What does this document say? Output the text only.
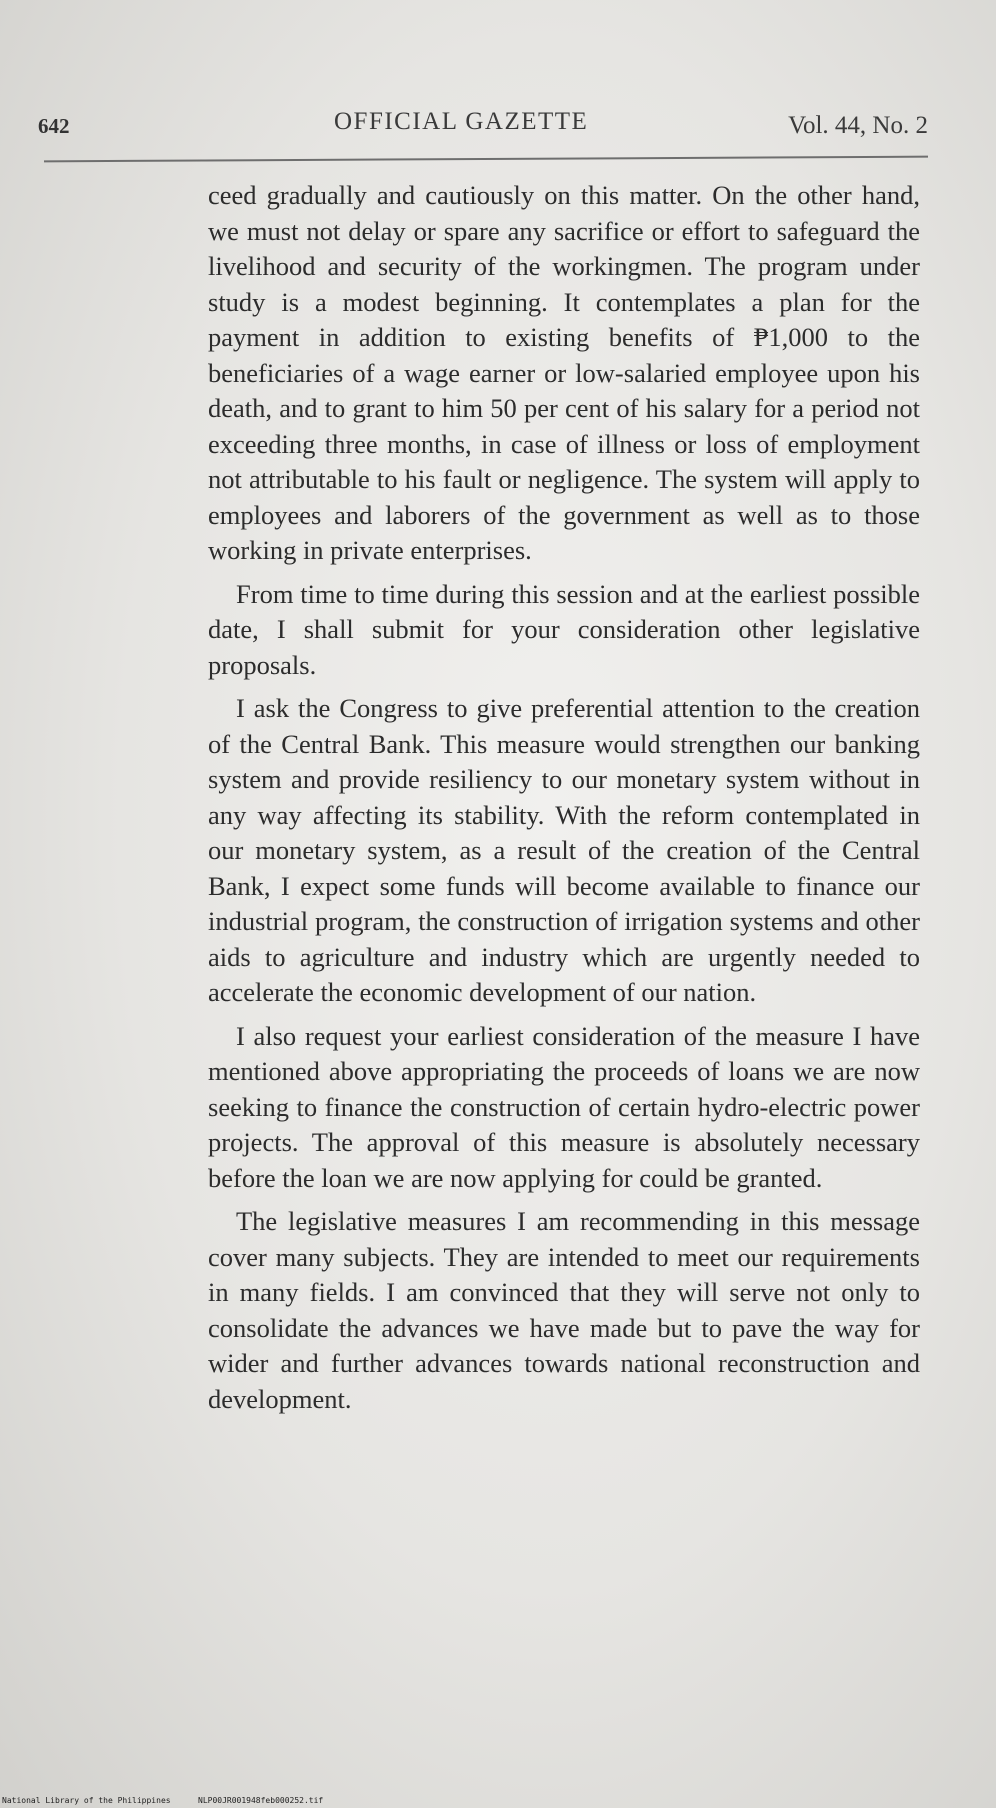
642	OFFICIAL GAZETTE	Vol. 44, No. 2

ceed gradually and cautiously on this matter. On the other hand, we must not delay or spare any sacrifice or effort to safeguard the livelihood and security of the workingmen. The program under study is a modest beginning. It contemplates a plan for the payment in addition to existing benefits of ₱1,000 to the beneficiaries of a wage earner or low-salaried employee upon his death, and to grant to him 50 per cent of his salary for a period not exceeding three months, in case of illness or loss of employment not attributable to his fault or negligence. The system will apply to employees and laborers of the government as well as to those working in private enterprises.

From time to time during this session and at the earliest possible date, I shall submit for your consideration other legislative proposals.

I ask the Congress to give preferential attention to the creation of the Central Bank. This measure would strengthen our banking system and provide resiliency to our monetary system without in any way affecting its stability. With the reform contemplated in our monetary system, as a result of the creation of the Central Bank, I expect some funds will become available to finance our industrial program, the construction of irrigation systems and other aids to agriculture and industry which are urgently needed to accelerate the economic development of our nation.

I also request your earliest consideration of the measure I have mentioned above appropriating the proceeds of loans we are now seeking to finance the construction of certain hydro-electric power projects. The approval of this measure is absolutely necessary before the loan we are now applying for could be granted.

The legislative measures I am recommending in this message cover many subjects. They are intended to meet our requirements in many fields. I am convinced that they will serve not only to consolidate the advances we have made but to pave the way for wider and further advances towards national reconstruction and development.

National Library of the Philippines	NLP00JR001948feb000252.tif
